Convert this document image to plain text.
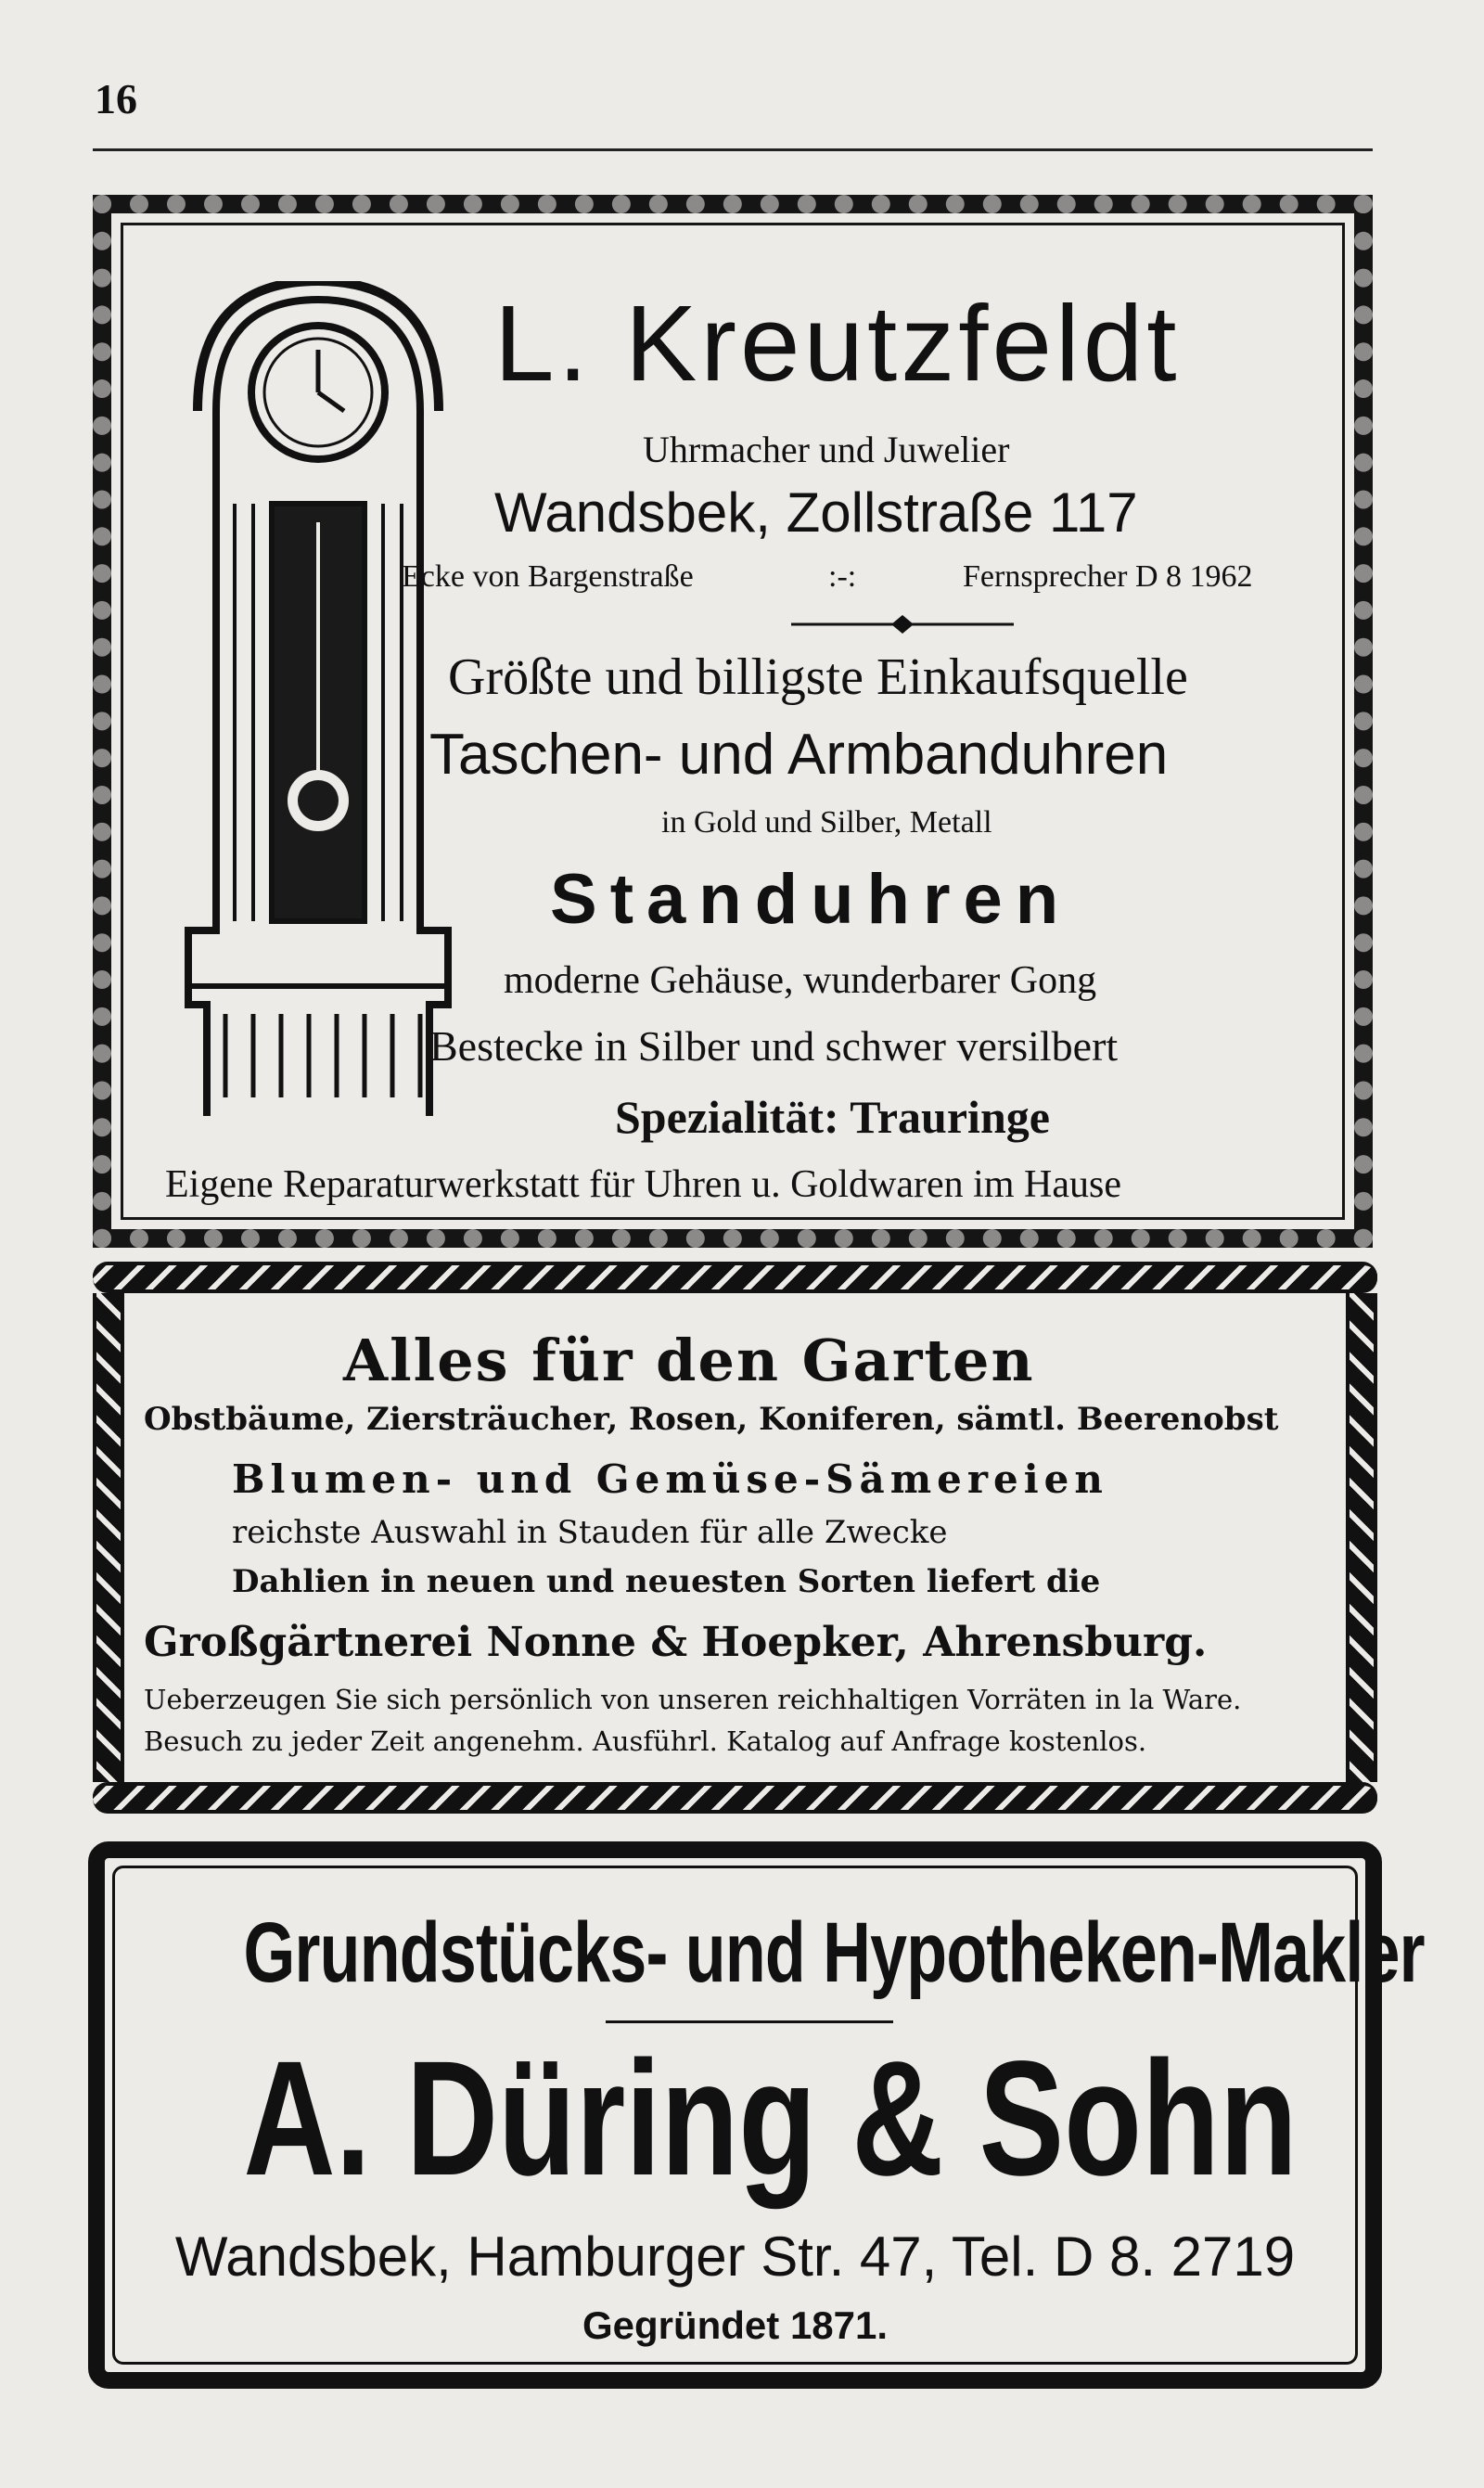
16
L. Kreutzfeldt
Uhrmacher und Juwelier
Wandsbek, Zollstraße 117
Ecke von Bargenstraße	:-:	Fernsprecher D 8 1962
Größte und billigste Einkaufsquelle
Taschen- und Armbanduhren
in Gold und Silber, Metall
Standuhren
moderne Gehäuse, wunderbarer Gong
Bestecke in Silber und schwer versilbert
Spezialität: Trauringe
Eigene Reparaturwerkstatt für Uhren u. Goldwaren im Hause
Alles für den Garten
Obstbäume, Ziersträucher, Rosen, Koniferen, sämtl. Beerenobst
Blumen- und Gemüse-Sämereien
reichste Auswahl in Stauden für alle Zwecke
Dahlien in neuen und neuesten Sorten liefert die
Großgärtnerei Nonne & Hoepker, Ahrensburg.
Ueberzeugen Sie sich persönlich von unseren reichhaltigen Vorräten in la Ware.
Besuch zu jeder Zeit angenehm. Ausführl. Katalog auf Anfrage kostenlos.
Grundstücks- und Hypotheken-Makler
A. Düring & Sohn
Wandsbek, Hamburger Str. 47, Tel. D 8. 2719
Gegründet 1871.
